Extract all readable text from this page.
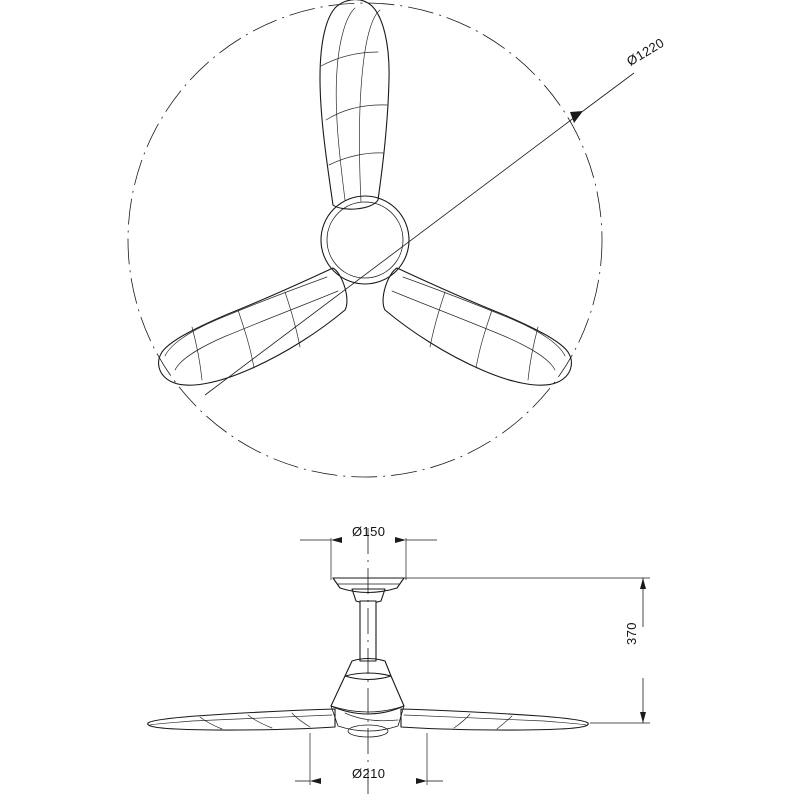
Ø1220
Ø150
Ø210
370
